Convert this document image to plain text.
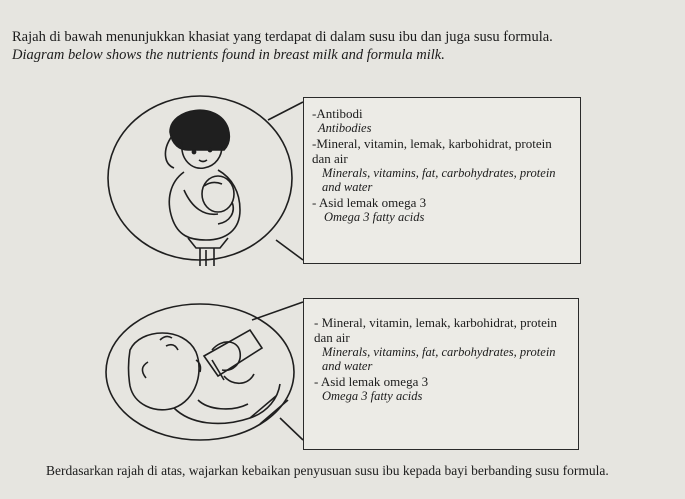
Rajah di bawah menunjukkan khasiat yang terdapat di dalam susu ibu dan juga susu formula.
Diagram below shows the nutrients found in breast milk and formula milk.
-Antibodi
Antibodies
-Mineral, vitamin, lemak, karbohidrat, protein dan air
Minerals, vitamins, fat, carbohydrates, protein and water
- Asid lemak omega 3
Omega 3 fatty acids
- Mineral, vitamin, lemak, karbohidrat, protein dan air
Minerals, vitamins, fat, carbohydrates, protein and water
- Asid lemak omega 3
Omega 3 fatty acids
Berdasarkan rajah di atas, wajarkan kebaikan penyusuan susu ibu kepada bayi berbanding susu formula.
